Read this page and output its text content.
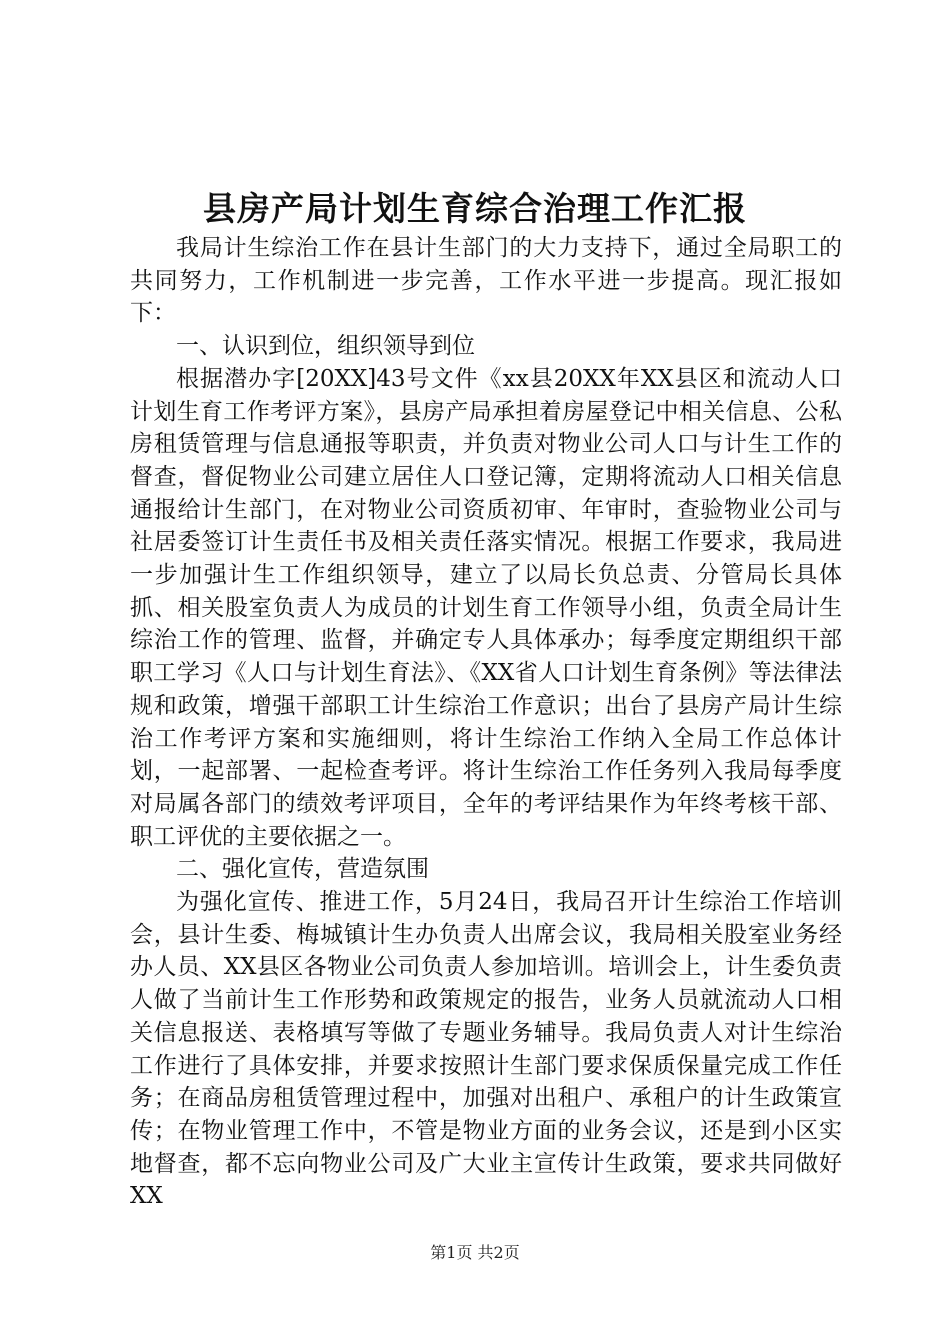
县房产局计划生育综合治理工作汇报

我局计生综治工作在县计生部门的大力支持下，通过全局职工的共同努力，工作机制进一步完善，工作水平进一步提高。现汇报如下：

一、认识到位，组织领导到位

根据潜办字[20XX]43号文件《xx县20XX年XX县区和流动人口计划生育工作考评方案》，县房产局承担着房屋登记中相关信息、公私房租赁管理与信息通报等职责，并负责对物业公司人口与计生工作的督查，督促物业公司建立居住人口登记簿，定期将流动人口相关信息通报给计生部门，在对物业公司资质初审、年审时，查验物业公司与社居委签订计生责任书及相关责任落实情况。根据工作要求，我局进一步加强计生工作组织领导，建立了以局长负总责、分管局长具体抓、相关股室负责人为成员的计划生育工作领导小组，负责全局计生综治工作的管理、监督，并确定专人具体承办；每季度定期组织干部职工学习《人口与计划生育法》、《XX省人口计划生育条例》等法律法规和政策，增强干部职工计生综治工作意识；出台了县房产局计生综治工作考评方案和实施细则，将计生综治工作纳入全局工作总体计划，一起部署、一起检查考评。将计生综治工作任务列入我局每季度对局属各部门的绩效考评项目，全年的考评结果作为年终考核干部、职工评优的主要依据之一。

二、强化宣传，营造氛围

为强化宣传、推进工作，5月24日，我局召开计生综治工作培训会，县计生委、梅城镇计生办负责人出席会议，我局相关股室业务经办人员、XX县区各物业公司负责人参加培训。培训会上，计生委负责人做了当前计生工作形势和政策规定的报告，业务人员就流动人口相关信息报送、表格填写等做了专题业务辅导。我局负责人对计生综治工作进行了具体安排，并要求按照计生部门要求保质保量完成工作任务；在商品房租赁管理过程中，加强对出租户、承租户的计生政策宣传；在物业管理工作中，不管是物业方面的业务会议，还是到小区实地督查，都不忘向物业公司及广大业主宣传计生政策，要求共同做好XX

第1页 共2页
